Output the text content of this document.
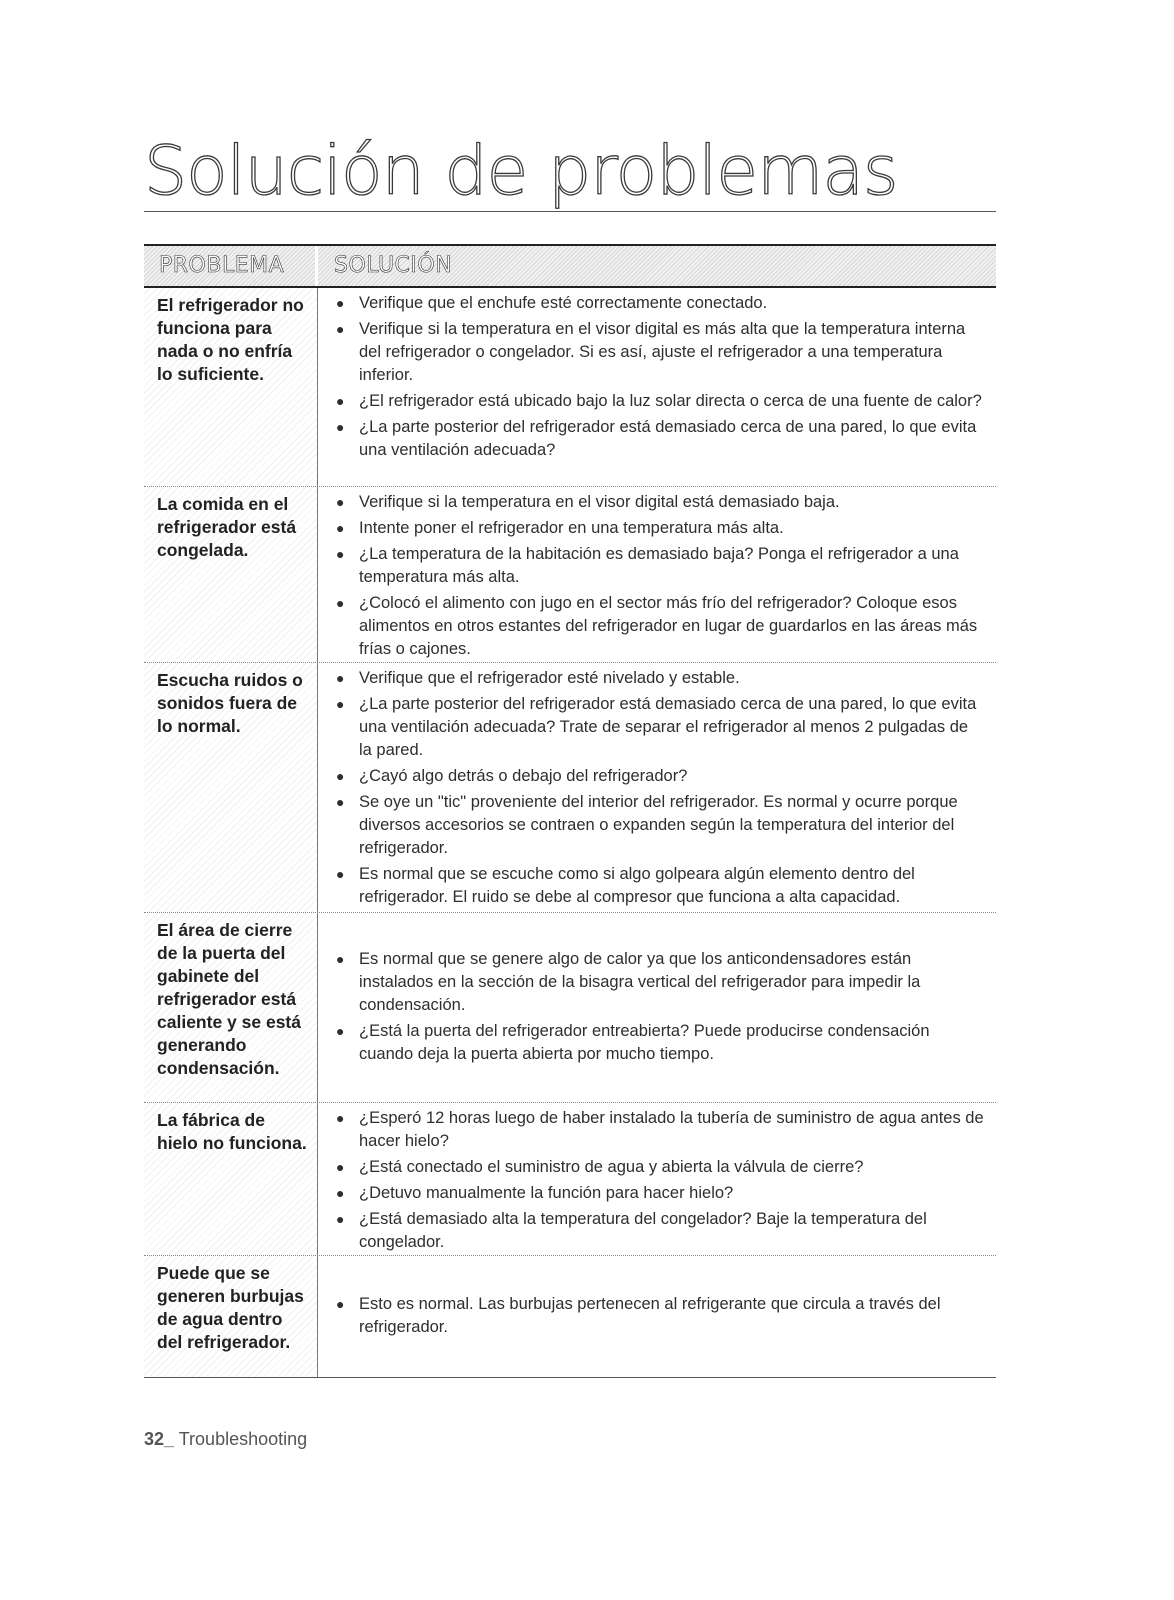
Solución de problemas
PROBLEMA	SOLUCIÓN
El refrigerador no funciona para nada o no enfría lo suficiente.
● Verifique que el enchufe esté correctamente conectado.
● Verifique si la temperatura en el visor digital es más alta que la temperatura interna del refrigerador o congelador. Si es así, ajuste el refrigerador a una temperatura inferior.
● ¿El refrigerador está ubicado bajo la luz solar directa o cerca de una fuente de calor?
● ¿La parte posterior del refrigerador está demasiado cerca de una pared, lo que evita una ventilación adecuada?
La comida en el refrigerador está congelada.
● Verifique si la temperatura en el visor digital está demasiado baja.
● Intente poner el refrigerador en una temperatura más alta.
● ¿La temperatura de la habitación es demasiado baja? Ponga el refrigerador a una temperatura más alta.
● ¿Colocó el alimento con jugo en el sector más frío del refrigerador? Coloque esos alimentos en otros estantes del refrigerador en lugar de guardarlos en las áreas más frías o cajones.
Escucha ruidos o sonidos fuera de lo normal.
● Verifique que el refrigerador esté nivelado y estable.
● ¿La parte posterior del refrigerador está demasiado cerca de una pared, lo que evita una ventilación adecuada? Trate de separar el refrigerador al menos 2 pulgadas de la pared.
● ¿Cayó algo detrás o debajo del refrigerador?
● Se oye un "tic" proveniente del interior del refrigerador. Es normal y ocurre porque diversos accesorios se contraen o expanden según la temperatura del interior del refrigerador.
● Es normal que se escuche como si algo golpeara algún elemento dentro del refrigerador. El ruido se debe al compresor que funciona a alta capacidad.
El área de cierre de la puerta del gabinete del refrigerador está caliente y se está generando condensación.
● Es normal que se genere algo de calor ya que los anticondensadores están instalados en la sección de la bisagra vertical del refrigerador para impedir la condensación.
● ¿Está la puerta del refrigerador entreabierta? Puede producirse condensación cuando deja la puerta abierta por mucho tiempo.
La fábrica de hielo no funciona.
● ¿Esperó 12 horas luego de haber instalado la tubería de suministro de agua antes de hacer hielo?
● ¿Está conectado el suministro de agua y abierta la válvula de cierre?
● ¿Detuvo manualmente la función para hacer hielo?
● ¿Está demasiado alta la temperatura del congelador? Baje la temperatura del congelador.
Puede que se generen burbujas de agua dentro del refrigerador.
● Esto es normal. Las burbujas pertenecen al refrigerante que circula a través del refrigerador.
32_ Troubleshooting
